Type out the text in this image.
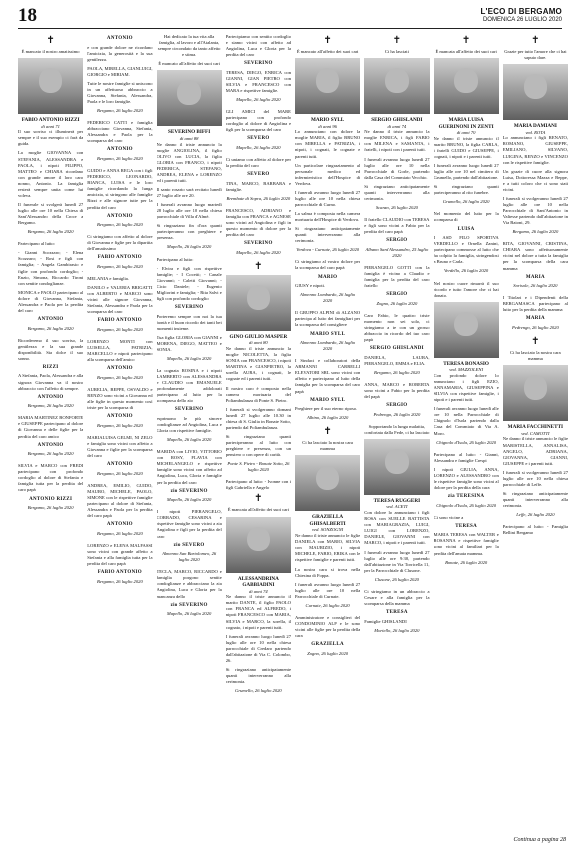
18	L'ECO DI BERGAMO
DOMENICA 26 LUGLIO 2020
✝

È mancato il nostro amatissimo

FABIO ANTONIO RIZZI
di anni 71

Il suo sorriso ci illuminerà per sempre e il suo esempio ci farà da guida.

La moglie GIOVANNA con STEFANIA, ALESSANDRA e PAOLA, i nipoti FILIPPO, MATTEO e CHIARA ricordano con grande amore il loro caro nonno, Antonio. La famiglia resterà sempre unita come lui voleva.

Il funerale si svolgerà lunedì 27 luglio alle ore 10 nella Chiesa di Sant'Alessandro della Croce a Bergamo.

Bergamo, 26 luglio 2020

Partecipano al lutto:

- Gianni Scozzaro; - Elena Scozzaro; - Rosi e figli con famiglia; - Angela Gambirasio e figlie con profondo cordoglio; - Enzio, Simona, Riccardo Tironi con sentite condoglianze.

MONICA e PAOLO partecipano al dolore di Giovanna, Stefania, Alessandra e Paola per la perdita del caro

ANTONIO
Bergamo, 26 luglio 2020

Ricorderemo il suo sorriso, la gentilezza e la sua grande disponibilità. Sia dolce il suo sonno.

RIZZI

A Stefania, Paola, Alessandra e alla signora Giovanna va il nostro abbraccio con l'affetto di sempre.

ANTONIO
Bergamo, 26 luglio 2020

MARIA MARTINEZ BONFORTE e GIUSEPPE partecipano al dolore di Giovanna e delle figlie per la perdita del caro amico

ANTONIO
Bergamo, 26 luglio 2020

SILVIA e MARCO con FREDI partecipano con profondo cordoglio al dolore di Stefania e famiglia tutta per la perdita del caro papà

ANTONIO RIZZI
Bergamo, 26 luglio 2020
ANTONIO

e con grande dolore ne ricordano l'amicizia, la generosità e la sua gentilezza.

PAOLA, MIRELLA, GIANLUIGI, GIORGIO e MIRIAM.

Tutte le nostre famiglie si uniscono in un affettuoso abbraccio a Giovanna, Stefania, Alessandra, Paola e le loro famiglie.

Bergamo, 26 luglio 2020

FEDERICO CATTI e famiglia abbracciano Giovanna, Stefania, Alessandra e Paola per la scomparsa del caro

ANTONIO
Bergamo, 26 luglio 2020

GUIDO e ANNA REGA con i figli FEDERICO, LEONARDO, BIANCA, LUISA e le loro famiglie ricordando la lunga amicizia, si stringono alle famiglie Rizzi e alle signore tutte per la perdita del caro

ANTONIO
Bergamo, 26 luglio 2020

Ci stringiamo con affetto al dolore di Giovanna e figlie per la dipartita dell'amatissimo

FABIO ANTONIO
Bergamo, 26 luglio 2020

MELANIA e famiglia.

DANILO e VALERIA BRIGATTI con ALBERTO e MARCO sono vicini alle signore Giovanna, Stefania, Alessandra e Paola per la scomparsa del caro

FABIO ANTONIO
Bergamo, 26 luglio 2020

LORENZO MONTI con LUISELLA, PATRIZIA, MARCELLO e nipoti partecipano alla scomparsa dell'amico

ANTONIO
Bergamo, 26 luglio 2020

AURELIA, BEPPE, OSVALDO e RENZO sono vicini a Giovanna ed alle figlie in questo momento così triste per la scomparsa di

ANTONIO
Bergamo, 26 luglio 2020

MARIALUISA GELMI, NI ZELO e famiglia sono vicini con affetto a Giovanna e figlie per la scomparsa del caro

ANTONIO
Bergamo, 26 luglio 2020

ANDREA, EMILIO, GUIDO, MAURO, MICHELE, PAOLO, SIMONE con le rispettive famiglie partecipano al dolore di Stefania, Alessandra e Paola per la perdita del caro papà

ANTONIO
Bergamo, 26 luglio 2020

LORENZO e ELENA MALFASSI sono vicini con grande affetto a Stefania e alla famiglia tutta per la perdita del caro papà

FABIO ANTONIO
Bergamo, 26 luglio 2020

Hai dedicato la tua vita alla famiglia, al lavoro e all'Atalanta, sempre circondato da tanto affetto e stima.

È mancato all'affetto dei suoi cari

SEVERINO BIFFI
di anni 88

Ne danno il triste annuncio la moglie ANGIOLINA, il figlio OLIVO con LUCIA, la figlia GLORIA con FRANCO, i nipoti FEDERICA, STEFANO, ANDREA, ELENA e LORENZO ed i parenti tutti.

Il santo rosario sarà recitato lunedì 27 luglio alle ore 20.

I funerali avranno luogo martedì 28 luglio alle ore 10 nella chiesa parrocchiale di Villa d'Almè.

Si ringraziano fin d'ora quanti parteciperanno con preghiere e presenza.

Mapello, 26 luglio 2020

Partecipano al lutto:

- Elvira e figli con rispettive famiglie; - I Cocetti; - Canale Giovanni; - Caletti Giovanni; - Cicio Daniele; - Eugenio Migliorini e famiglia; - Rita Salvi e figli con profondo cordoglio

SEVERINO

Porteremo sempre con noi la tua bontà e il buon ricordo dei tanti bei momenti insieme.

Tua figlia GLORIA con GIANNI e MORENA, DIEGO, MATTEO e SONIA.

Mapello, 26 luglio 2020

La cognata ROSINA e i nipoti LAMBERTO con ALESSANDRA e CLAUDIO con EMANUELE profondamente addolorati partecipano al lutto per la scomparsa dello zio

SEVERINO

esprimono le più sincere condoglianze ad Angiolina, Luca e Gloria con rispettive famiglie.

Mapello, 26 luglio 2020

MARIDA con LIVIO, VITTORIO con ROSY, FLAVIA con MICHELANGELO e rispettive famiglie sono vicini con affetto ad Angiolina, Luca, Gloria e famiglie per la perdita del caro

zio SEVERINO
Mapello, 26 luglio 2020

I nipoti PIERANGELO, CORRADO, CESARINA e rispettive famiglie sono vicini a zia Angiolina e figli per la perdita del caro

zio SEVERO
Almenno San Bartolomeo, 26 luglio 2020

TECLA, MARCO, RICCARDO e famiglia porgono sentite condoglianze e abbracciano la zia Angiolina, Luca e Gloria per la mancanza dello

zio SEVERINO
Mapello, 26 luglio 2020

Partecipiamo con sentito cordoglio e siamo vicini con affetto ad Angiolina, Luca e Gloria per la perdita del caro

SEVERINO

TERESA, DIEGO, ENRICA con GIANNI, GIAN PIETRO con SILVIA e FRANCESCO con MARA e rispettive famiglie.

Mapello, 26 luglio 2020

GLI AMICI del MARE partecipano con profondo cordoglio al dolore di Angiolina e figli per la scomparsa del caro

SEVERO
Mapello, 26 luglio 2020

Ci uniamo con affetto al dolore per la perdita del caro

SEVERO

TINA, MARCO, BARBARA e famiglie.

Brembate di Sopra, 26 luglio 2020

FRANCESCO, ADRIANO e famiglia con FRANCA e AGNESE sono vicini ad Angiolina e figli in questo momento di dolore per la perdita del caro

SEVERINO
Mapello, 26 luglio 2020
✝
GINO GIULIO MASPER
di anni 80

Ne danno il triste annuncio la moglie NICOLETTA, la figlia SONIA con FRANCESCO, i nipoti MARTINA e GIANPIETRO, la sorella AURA, i cognati, le cognate ed i parenti tutti.

Il nostro caro è composto nella camera mortuaria del Poliambulanza di Ponte S. Pietro.

I funerali si svolgeranno domani lunedì 27 luglio alle 10.30 in chiesa di S. Giulia in Bonate Sotto, partendo dal Poliambulanza.

Si ringraziano quanti parteciperanno al lutto con preghiere e presenza, con un pensiero o con opere di carità.

Ponte S. Pietro - Bonate Sotto, 26 luglio 2020

Partecipano al lutto: - Ivonne con i figli Gabriella e Angelo

✝

È mancata all'affetto dei suoi cari

ALESSANDRINA GABBIADINI
di anni 74

Ne danno il triste annuncio il marito DANTE, il figlio PAOLO con FRANCA ed ALFREDO, i nipoti FRANCESCO con MARIA, SILVIA e MARCO, la sorella, il cognato, i nipoti e parenti tutti.

I funerali avranno luogo lunedì 27 luglio alle ore 10 nella chiesa parrocchiale di Credaro partendo dall'abitazione di Via C. Colombo, 26.

Si ringraziano anticipatamente quanti interverranno alla cerimonia.

Grumello, 26 luglio 2020
✝

È mancato all'affetto dei suoi cari

MARIO SYLL
di anni 96

Lo annunciano con dolore la moglie MARIA, il figlio BRUNO con MIRELLA e PATRIZIA, i nipoti, i cognati, le cognate e parenti tutti.

Un particolare ringraziamento al personale medico ed infermieristico dell'Hospice di Verdova.

I funerali avranno luogo lunedì 27 luglio alle ore 10 nella chiesa parrocchiale di Curno.

La salma è composta nella camera mortuaria dell'Hospice di Verdova.

Si ringraziano anticipatamente quanti interverranno alla cerimonia.

Verdova - Curnate, 26 luglio 2020

Ci stringiamo al vostro dolore per la scomparsa del caro papà

MARIO

GIUSY e nipoti.

Almenno Lombardo, 26 luglio 2020

Il GRUPPO ALPINI di ALZANO partecipa al lutto dei famigliari per la scomparsa del consigliere

MARIO SYLL
Almenno Lombardo, 26 luglio 2020

I Sindaci e collaboratori della ARMANNI CARRELLI ELEVATORI SRL sono vicini con affetto e partecipano al lutto della famiglia per la scomparsa del caro papà

MARIO SYLL

Preghiere per il suo eterno riposo.

Albino, 26 luglio 2020
✝

Ci ha lasciato la nostra cara mamma

GRAZIELLA GHISALBERTI
ved. SONZOGNI

Ne danno il triste annuncio le figlie DANIELA con MARIO, SILVIA con MAURIZIO, i nipoti MICHELE, FABIO, ERIKA con le rispettive famiglie e parenti tutti.

La nostra cara si trova nella Chiesina di Foppa.

I funerali avranno luogo lunedì 27 luglio alle ore 10 nella Parrocchiale di Curnate.

Curnate, 26 luglio 2020

Amministratore e consiglieri del CONDOMINIO ALP e le sono vicini alle figlie per la perdita della cara

GRAZIELLA
Zogno, 26 luglio 2020
✝

Ci ha lasciati

SERGIO GHISLANDI
di anni 74

Ne danno il triste annuncio la moglie ENRICA, i figli FABIO con MILENA e SAMANTA, i fratelli, i nipoti con i parenti tutti.

I funerali avranno luogo lunedì 27 luglio alle ore 10 nella Parrocchiale di Gorle, partendo dalla Casa del Commiato Vecchio.

Si ringraziano anticipatamente quanti interverranno alla cerimonia.

Scanzo, 26 luglio 2020

Il fratello CLAUDIO con TERESA e figli sono vicini a Fabio per la perdita del caro papà

SERGIO
Albano Sant'Alessandro, 25 luglio 2020

PIERANGELO GOTTI con la famiglia è vicino a Claudio e famiglia per la perdita del caro fratello

SERGIO
Zogno, 26 luglio 2020

Caro Fabio, le quattro triste momento non sei solo, ci stringiamo a te con un grosso abbraccio in ricordo del tuo caro papà

SERGIO GHISLANDI

DANIELA, LAURA, PIERANGELO, EMMA e ELIA.

Bergamo, 26 luglio 2020

ANNA, MARCO e ROBERTA sono vicini a Fabio per la perdita del papà

SERGIO
Pedrengo, 26 luglio 2020

Sopportando la lunga malattia, confortata dalla Fede, ci ha lasciato

TERESA RUGGERI
ved. ACETI

Con dolore lo annunciano i figli ROSA con SUELLE BATTISTA con MARIAGRAZIA, LUIGI, LUIGI con LORENZO, DANIELE, GIOVANNI con MARCO, i nipoti e i parenti tutti.

I funerali avranno luogo lunedì 27 luglio alle ore 9:30, partendo dall'abitazione in Via Torricella 11, per la Parrocchiale di Clusone.

Clusone, 26 luglio 2020

Ci stringiamo in un abbraccio a Cesare e alla famiglia per la scomparsa della mamma

TERESA

Famiglie GHISLANDI

Mortello, 26 luglio 2020
✝

È mancata all'affetto dei suoi cari

MARIA LUISA GUERINONI IN ZENTI
di anni 70

Ne danno il triste annuncio il marito BRUNO, la figlia CARLA, i fratelli GUIDO e GIUSEPPE, i cognati, i nipoti e i parenti tutti.

I funerali avranno luogo lunedì 27 luglio alle ore 10 nel cimitero di Grumello, partendo dall'abitazione.

Si ringraziano quanti parteciperanno al rito funebre.

Grumello, 26 luglio 2020

Nel momento del lutto per la scomparsa di

LUISA

I ASD FILO SPORTIVA VERDELLO e Ornella Zanini, partecipano commosse al lutto che ha colpito la famiglia, stringendosi a Bruno e Carla.

Verdello, 26 luglio 2020

Nel nostro cuore rimarrà il suo ricordo e tutto l'amore che ci hai donato.

TERESA BONASIO
ved. MAZZOLENI

Con profondo dolore lo annunciano i figli EZIO, ANNAMARIA, GIUSEPPINA e SILVIA con rispettive famiglie, i nipoti e i parenti tutti.

I funerali avranno luogo lunedì alle ore 10 nella Parrocchiale di Chignolo d'Isola partendo dalla Casa del Commiato di Via A. Moro.

Chignolo d'Isola, 26 luglio 2020

Partecipano al lutto: - Gianni, Alessandra e famiglie Crespi

I nipoti GIULIA, ANNA, LORENZO e ALESSANDRO con le rispettive famiglie sono vicini al dolore per la perdita della cara

zia TERESINA
Chignolo d'Isola, 26 luglio 2020

Ci sono vicine a

TERESA

MARIA TERESA con WALTER e ROSANNA e rispettive famiglie sono vicini al familiari per la perdita dell'amata mamma.

Bonate, 26 luglio 2020
✝

Grazie per tutto l'amore che ci hai saputo dare.

MARIA DAMIANI
ved. ROTA

Lo annunciano i figli RENATO, ROMANO, GIUSEPPE, EMILIANO, SILVANO, LUIGINA, RENZO e VINCENZO con le rispettive famiglie.

Un grazie di cuore alla signora Luisa, Dottoressa Mazza e Beppe, e a tutti coloro che ci sono stati vicini.

I funerali si svolgeranno lunedì 27 luglio alle ore 10 nella Parrocchiale di Sant'Antonio in Valtesse partendo dall'abitazione in Via Baioni, 29.

Bergamo, 26 luglio 2020

RITA, GIOVANNI, CRISTINA, CHIARA sono affettuosamente vicini nel dolore a tutta la famiglia per la scomparsa della cara mamma

MARIA
Sorisole, 26 luglio 2020

I Titolari e i Dipendenti della BERGAMASCA partecipano al lutto per la perdita della mamma

MARIA
Pedrengo, 26 luglio 2020
✝

Ci ha lasciato la nostra cara mamma

MARIA FACCHINETTI
ved. CAMOTTI

Ne danno il triste annuncio le figlie MARISTELLA, ANNALISA, ANGELO, ADRIANA, GIOVANNA, GIANNI, GIUSEPPE e i parenti tutti.

I funerali si svolgeranno lunedì 27 luglio alle ore 10 nella chiesa parrocchiale di Leffe.

Si ringraziano anticipatamente quanti interverranno alla cerimonia.

Leffe, 26 luglio 2020

Partecipano al lutto: - Famiglia Bellini Bergamo

Continua a pagina 28
